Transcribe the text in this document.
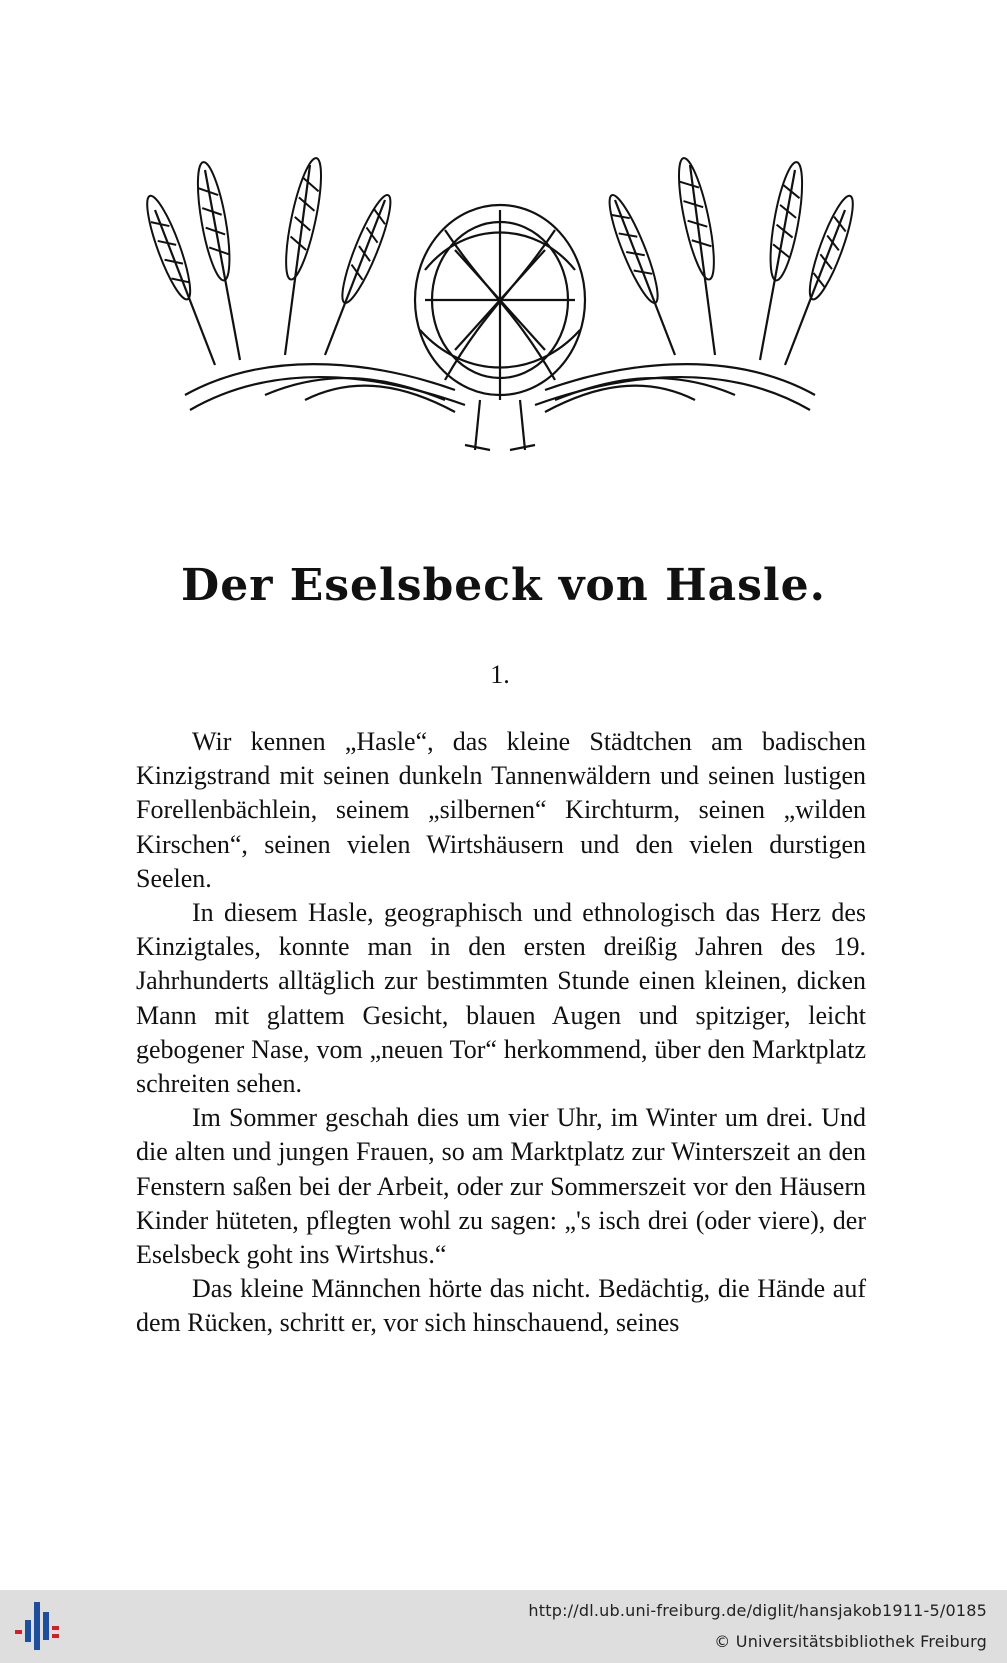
Der Eselsbeck von Hasle.
1.

Wir kennen „Hasle“, das kleine Städtchen am badischen Kinzigstrand mit seinen dunkeln Tannenwäldern und seinen lustigen Forellenbächlein, seinem „silbernen“ Kirchturm, seinen „wilden Kirschen“, seinen vielen Wirtshäusern und den vielen durstigen Seelen.

In diesem Hasle, geographisch und ethnologisch das Herz des Kinzigtales, konnte man in den ersten dreißig Jahren des 19. Jahrhunderts alltäglich zur bestimmten Stunde einen kleinen, dicken Mann mit glattem Gesicht, blauen Augen und spitziger, leicht gebogener Nase, vom „neuen Tor“ herkommend, über den Marktplatz schreiten sehen.

Im Sommer geschah dies um vier Uhr, im Winter um drei. Und die alten und jungen Frauen, so am Marktplatz zur Winterszeit an den Fenstern saßen bei der Arbeit, oder zur Sommerszeit vor den Häusern Kinder hüteten, pflegten wohl zu sagen: „'s isch drei (oder viere), der Eselsbeck goht ins Wirtshus.“

Das kleine Männchen hörte das nicht. Bedächtig, die Hände auf dem Rücken, schritt er, vor sich hinschauend, seines

http://dl.ub.uni-freiburg.de/diglit/hansjakob1911-5/0185
© Universitätsbibliothek Freiburg
